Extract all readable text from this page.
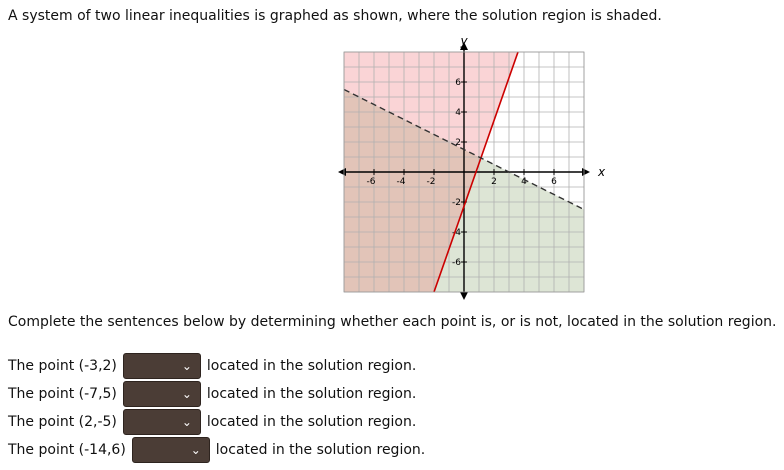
A system of two linear inequalities is graphed as shown, where the solution region is shaded.
-6 -4 -2	2	4	6
6
4
2
-2
-4
-6
y
x
Complete the sentences below by determining whether each point is, or is not, located in the solution region.
The point (-3,2)	⌄ located in the solution region.
The point (-7,5)	⌄ located in the solution region.
The point (2,-5)	⌄ located in the solution region.
The point (-14,6)	⌄ located in the solution region.
